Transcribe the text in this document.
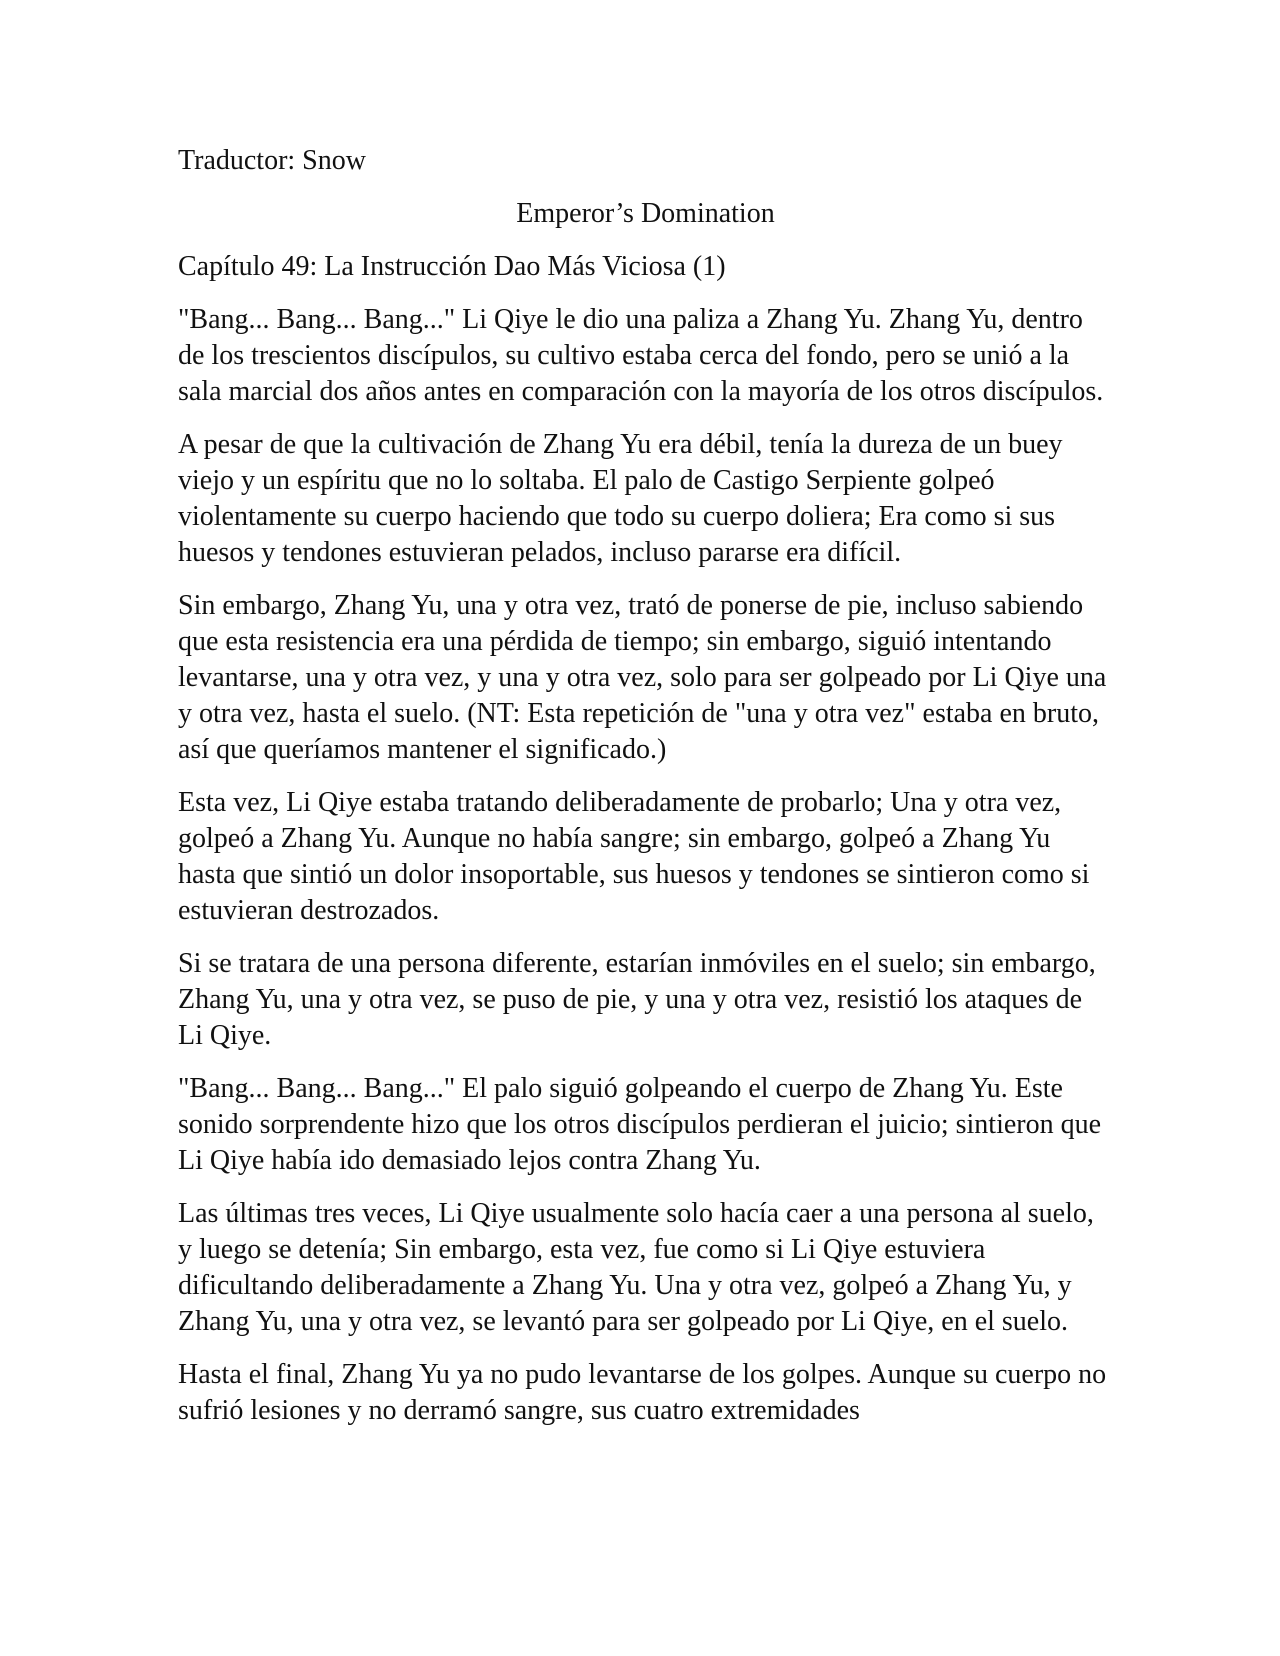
Traductor: Snow

Emperor’s Domination

Capítulo 49: La Instrucción Dao Más Viciosa (1)

"Bang... Bang... Bang..." Li Qiye le dio una paliza a Zhang Yu. Zhang Yu, dentro de los trescientos discípulos, su cultivo estaba cerca del fondo, pero se unió a la sala marcial dos años antes en comparación con la mayoría de los otros discípulos.

A pesar de que la cultivación de Zhang Yu era débil, tenía la dureza de un buey viejo y un espíritu que no lo soltaba. El palo de Castigo Serpiente golpeó violentamente su cuerpo haciendo que todo su cuerpo doliera; Era como si sus huesos y tendones estuvieran pelados, incluso pararse era difícil.

Sin embargo, Zhang Yu, una y otra vez, trató de ponerse de pie, incluso sabiendo que esta resistencia era una pérdida de tiempo; sin embargo, siguió intentando levantarse, una y otra vez, y una y otra vez, solo para ser golpeado por Li Qiye una y otra vez, hasta el suelo. (NT: Esta repetición de "una y otra vez" estaba en bruto, así que queríamos mantener el significado.)

Esta vez, Li Qiye estaba tratando deliberadamente de probarlo; Una y otra vez, golpeó a Zhang Yu. Aunque no había sangre; sin embargo, golpeó a Zhang Yu hasta que sintió un dolor insoportable, sus huesos y tendones se sintieron como si estuvieran destrozados.

Si se tratara de una persona diferente, estarían inmóviles en el suelo; sin embargo, Zhang Yu, una y otra vez, se puso de pie, y una y otra vez, resistió los ataques de Li Qiye.

"Bang... Bang... Bang..." El palo siguió golpeando el cuerpo de Zhang Yu. Este sonido sorprendente hizo que los otros discípulos perdieran el juicio; sintieron que Li Qiye había ido demasiado lejos contra Zhang Yu.

Las últimas tres veces, Li Qiye usualmente solo hacía caer a una persona al suelo, y luego se detenía; Sin embargo, esta vez, fue como si Li Qiye estuviera dificultando deliberadamente a Zhang Yu. Una y otra vez, golpeó a Zhang Yu, y Zhang Yu, una y otra vez, se levantó para ser golpeado por Li Qiye, en el suelo.

Hasta el final, Zhang Yu ya no pudo levantarse de los golpes. Aunque su cuerpo no sufrió lesiones y no derramó sangre, sus cuatro extremidades
